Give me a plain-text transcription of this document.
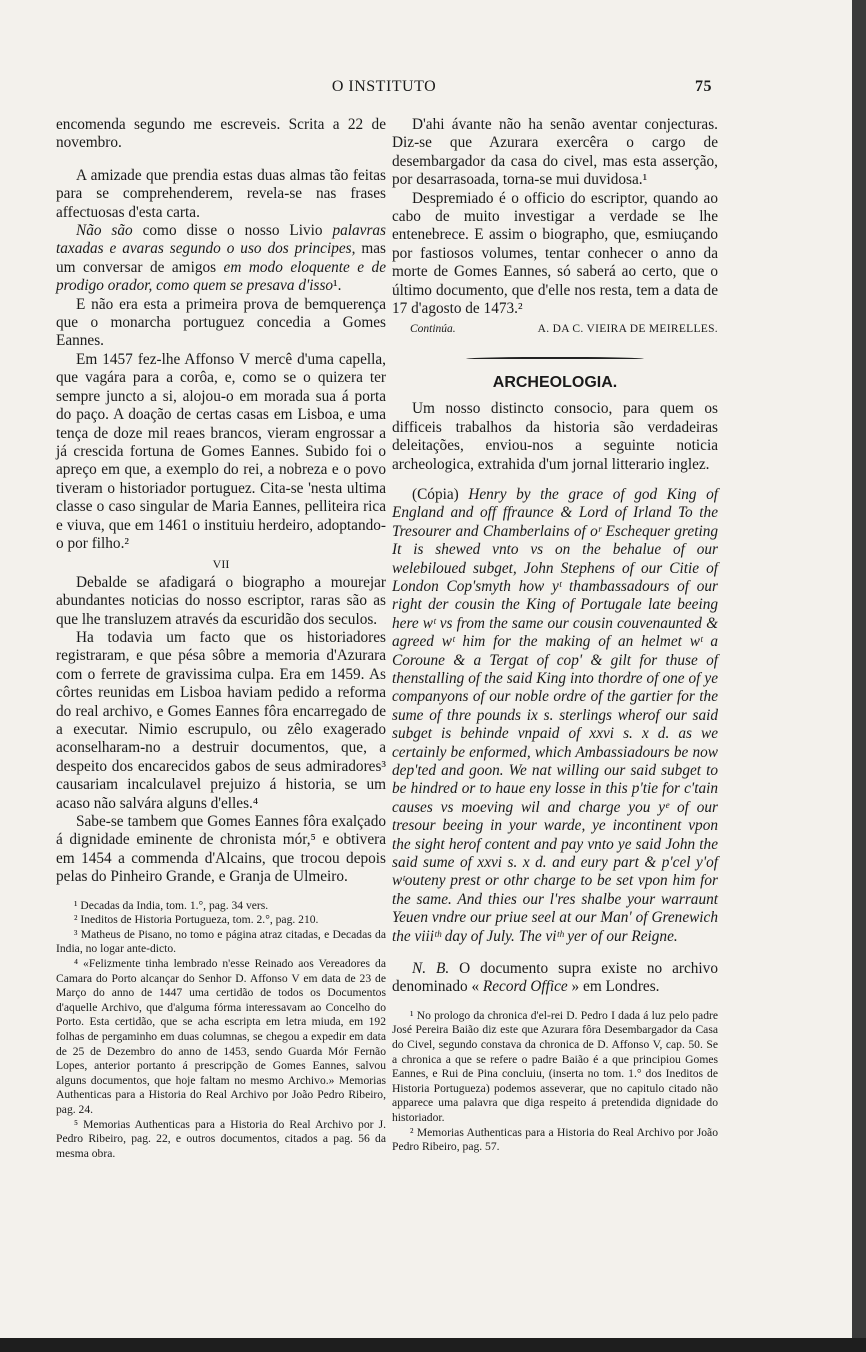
O INSTITUTO	75

encomenda segundo me escreveis. Scrita a 22 de novembro.

A amizade que prendia estas duas almas tão feitas para se comprehenderem, revela-se nas frases affectuosas d'esta carta.

Não são como disse o nosso Livio palavras taxadas e avaras segundo o uso dos principes, mas um conversar de amigos em modo eloquente e de prodigo orador, como quem se presava d'isso¹.

E não era esta a primeira prova de bemquerença que o monarcha portuguez concedia a Gomes Eannes.

Em 1457 fez-lhe Affonso V mercê d'uma capella, que vagára para a corôa, e, como se o quizera ter sempre juncto a si, alojou-o em morada sua á porta do paço. A doação de certas casas em Lisboa, e uma tença de doze mil reaes brancos, vieram engrossar a já crescida fortuna de Gomes Eannes. Subido foi o apreço em que, a exemplo do rei, a nobreza e o povo tiveram o historiador portuguez. Cita-se 'nesta ultima classe o caso singular de Maria Eannes, pelliteira rica e viuva, que em 1461 o instituiu herdeiro, adoptando-o por filho.²

VII

Debalde se afadigará o biographo a mourejar abundantes noticias do nosso escriptor, raras são as que lhe transluzem através da escuridão dos seculos.

Ha todavia um facto que os historiadores registraram, e que pésa sôbre a memoria d'Azurara com o ferrete de gravissima culpa. Era em 1459. As côrtes reunidas em Lisboa haviam pedido a reforma do real archivo, e Gomes Eannes fôra encarregado de a executar. Nimio escrupulo, ou zêlo exagerado aconselharam-no a destruir documentos, que, a despeito dos encarecidos gabos de seus admiradores³ causariam incalculavel prejuizo á historia, se um acaso não salvára alguns d'elles.⁴

Sabe-se tambem que Gomes Eannes fôra exalçado á dignidade eminente de chronista mór,⁵ e obtivera em 1454 a commenda d'Alcains, que trocou depois pelas do Pinheiro Grande, e Granja de Ulmeiro.

¹ Decadas da India, tom. 1.°, pag. 34 vers.

² Ineditos de Historia Portugueza, tom. 2.°, pag. 210.

³ Matheus de Pisano, no tomo e página atraz citadas, e Decadas da India, no logar ante-dicto.

⁴ «Felizmente tinha lembrado n'esse Reinado aos Vereadores da Camara do Porto alcançar do Senhor D. Affonso V em data de 23 de Março do anno de 1447 uma certidão de todos os Documentos d'aquelle Archivo, que d'alguma fórma interessavam ao Concelho do Porto. Esta certidão, que se acha escripta em letra miuda, em 192 folhas de pergaminho em duas columnas, se chegou a expedir em data de 25 de Dezembro do anno de 1453, sendo Guarda Mór Fernão Lopes, anterior portanto á prescripção de Gomes Eannes, salvou alguns documentos, que hoje faltam no mesmo Archivo.» Memorias Authenticas para a Historia do Real Archivo por João Pedro Ribeiro, pag. 24.

⁵ Memorias Authenticas para a Historia do Real Archivo por J. Pedro Ribeiro, pag. 22, e outros documentos, citados a pag. 56 da mesma obra.

D'ahi ávante não ha senão aventar conjecturas. Diz-se que Azurara exercêra o cargo de desembargador da casa do civel, mas esta asserção, por desarrasoada, torna-se mui duvidosa.¹

Despremiado é o officio do escriptor, quando ao cabo de muito investigar a verdade se lhe entenebrece. E assim o biographo, que, esmiuçando por fastiosos volumes, tentar conhecer o anno da morte de Gomes Eannes, só saberá ao certo, que o último documento, que d'elle nos resta, tem a data de 17 d'agosto de 1473.²

Continúa.	A. DA C. VIEIRA DE MEIRELLES.
ARCHEOLOGIA.

Um nosso distincto consocio, para quem os difficeis trabalhos da historia são verdadeiras deleitações, enviou-nos a seguinte noticia archeologica, extrahida d'um jornal litterario inglez.

(Cópia) Henry by the grace of god King of England and off ffraunce & Lord of Irland To the Tresourer and Chamberlains of oʳ Eschequer greting It is shewed vnto vs on the behalue of our welebiloued subget, John Stephens of our Citie of London Cop'smyth how yᵗ thambassadours of our right der cousin the King of Portugale late beeing here wᵗ vs from the same our cousin couvenaunted & agreed wᵗ him for the making of an helmet wᵗ a Coroune & a Tergat of cop' & gilt for thuse of thenstalling of the said King into thordre of one of ye companyons of our noble ordre of the gartier for the sume of thre pounds ix s. sterlings wherof our said subget is behinde vnpaid of xxvi s. x d. as we certainly be enformed, which Ambassiadours be now dep'ted and goon. We nat willing our said subget to be hindred or to haue eny losse in this p'tie for c'tain causes vs moeving wil and charge you yᵉ of our tresour beeing in your warde, ye incontinent vpon the sight herof content and pay vnto ye said John the said sume of xxvi s. x d. and eury part & p'cel y'of wᵗouteny prest or othr charge to be set vpon him for the same. And thies our l'res shalbe your warraunt Yeuen vndre our priue seel at our Man' of Grenewich the viiiᵗʰ day of July. The viᵗʰ yer of our Reigne.

N. B. O documento supra existe no archivo denominado « Record Office » em Londres.

¹ No prologo da chronica d'el-rei D. Pedro I dada á luz pelo padre José Pereira Baião diz este que Azurara fôra Desembargador da Casa do Civel, segundo constava da chronica de D. Affonso V, cap. 50. Se a chronica a que se refere o padre Baião é a que principiou Gomes Eannes, e Rui de Pina concluiu, (inserta no tom. 1.° dos Ineditos de Historia Portugueza) podemos asseverar, que no capitulo citado não apparece uma palavra que diga respeito á pretendida dignidade do historiador.

² Memorias Authenticas para a Historia do Real Archivo por João Pedro Ribeiro, pag. 57.
